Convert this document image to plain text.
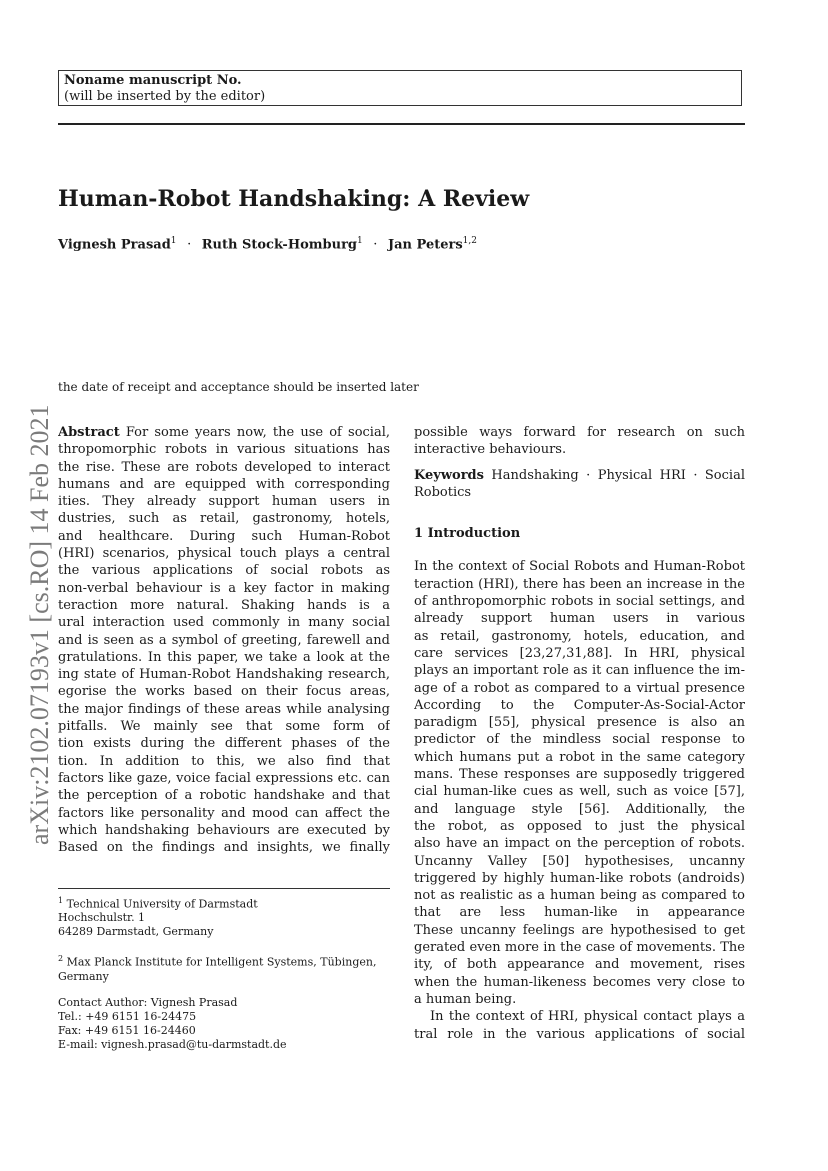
Noname manuscript No.
(will be inserted by the editor)
Human-Robot Handshaking: A Review
Vignesh Prasad$^1$ · Ruth Stock-Homburg$^1$ · Jan Peters$^{1,2}$
arXiv:2102.07193v1 [cs.RO] 14 Feb 2021
the date of receipt and acceptance should be inserted later
Abstract For some years now, the use of social,
thropomorphic robots in various situations has
the rise. These are robots developed to interact
humans and are equipped with corresponding
ities. They already support human users in
dustries, such as retail, gastronomy, hotels,
and healthcare. During such Human-Robot
(HRI) scenarios, physical touch plays a central
the various applications of social robots as
non-verbal behaviour is a key factor in making
teraction more natural. Shaking hands is a
ural interaction used commonly in many social
and is seen as a symbol of greeting, farewell and
gratulations. In this paper, we take a look at the
ing state of Human-Robot Handshaking research,
egorise the works based on their focus areas,
the major findings of these areas while analysing
pitfalls. We mainly see that some form of
tion exists during the different phases of the
tion. In addition to this, we also find that
factors like gaze, voice facial expressions etc. can
the perception of a robotic handshake and that
factors like personality and mood can affect the
which handshaking behaviours are executed by
Based on the findings and insights, we finally
$^1$ Technical University of Darmstadt
Hochschulstr. 1
64289 Darmstadt, Germany
$^2$ Max Planck Institute for Intelligent Systems, Tübingen,
Germany
Contact Author: Vignesh Prasad
Tel.: +49 6151 16-24475
Fax: +49 6151 16-24460
E-mail: vignesh.prasad@tu-darmstadt.de
possible ways forward for research on such
interactive behaviours.
Keywords Handshaking · Physical HRI · Social
Robotics
1 Introduction
In the context of Social Robots and Human-Robot
teraction (HRI), there has been an increase in the
of anthropomorphic robots in social settings, and
already support human users in various
as retail, gastronomy, hotels, education, and
care services [23,27,31,88]. In HRI, physical
plays an important role as it can influence the im-
age of a robot as compared to a virtual presence
According to the Computer-As-Social-Actor
paradigm [55], physical presence is also an
predictor of the mindless social response to
which humans put a robot in the same category
mans. These responses are supposedly triggered
cial human-like cues as well, such as voice [57],
and language style [56]. Additionally, the
the robot, as opposed to just the physical
also have an impact on the perception of robots.
Uncanny Valley [50] hypothesises, uncanny
triggered by highly human-like robots (androids)
not as realistic as a human being as compared to
that are less human-like in appearance
These uncanny feelings are hypothesised to get
gerated even more in the case of movements. The
ity, of both appearance and movement, rises
when the human-likeness becomes very close to
a human being.
In the context of HRI, physical contact plays a
tral role in the various applications of social
